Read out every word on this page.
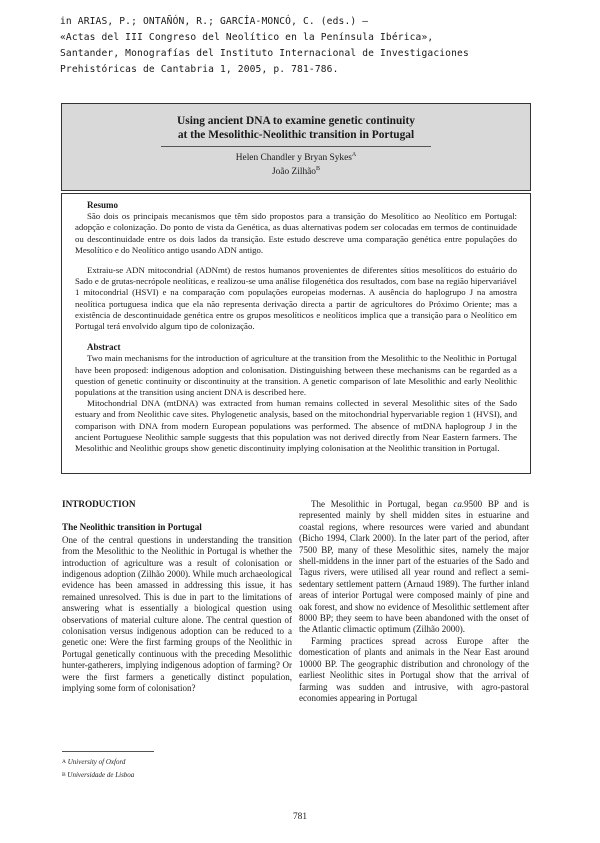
in ARIAS, P.; ONTAÑÓN, R.; GARCÍA-MONCÓ, C. (eds.) —
«Actas del III Congreso del Neolítico en la Península Ibérica»,
Santander, Monografías del Instituto Internacional de Investigaciones
Prehistóricas de Cantabria 1, 2005, p. 781-786.
Using ancient DNA to examine genetic continuity
at the Mesolithic-Neolithic transition in Portugal
Helen Chandler y Bryan Sykes$^A$
João Zilhão$^B$
Resumo

São dois os principais mecanismos que têm sido propostos para a transição do Mesolítico ao Neolítico em Portugal: adopção e colonização. Do ponto de vista da Genética, as duas alternativas podem ser colocadas em termos de continuidade ou descontinuidade entre os dois lados da transição. Este estudo descreve uma comparação genética entre populações do Mesolítico e do Neolítico antigo usando ADN antigo.

Extraiu-se ADN mitocondrial (ADNmt) de restos humanos provenientes de diferentes sítios mesolíticos do estuário do Sado e de grutas-necrópole neolíticas, e realizou-se uma análise filogenética dos resultados, com base na região hipervariável 1 mitocondrial (HSVI) e na comparação com populações europeias modernas. A ausência do haplogrupo J na amostra neolítica portuguesa indica que ela não representa derivação directa a partir de agricultores do Próximo Oriente; mas a existência de descontinuidade genética entre os grupos mesolíticos e neolíticos implica que a transição para o Neolítico em Portugal terá envolvido algum tipo de colonização.

Abstract

Two main mechanisms for the introduction of agriculture at the transition from the Mesolithic to the Neolithic in Portugal have been proposed: indigenous adoption and colonisation. Distinguishing between these mechanisms can be regarded as a question of genetic continuity or discontinuity at the transition. A genetic comparison of late Mesolithic and early Neolithic populations at the transition using ancient DNA is described here.

Mitochondrial DNA (mtDNA) was extracted from human remains collected in several Mesolithic sites of the Sado estuary and from Neolithic cave sites. Phylogenetic analysis, based on the mitochondrial hypervariable region 1 (HVSI), and comparison with DNA from modern European populations was performed. The absence of mtDNA haplogroup J in the ancient Portuguese Neolithic sample suggests that this population was not derived directly from Near Eastern farmers. The Mesolithic and Neolithic groups show genetic discontinuity implying colonisation at the Neolithic transition in Portugal.

INTRODUCTION
The Neolithic transition in Portugal

One of the central questions in understanding the transition from the Mesolithic to the Neolithic in Portugal is whether the introduction of agriculture was a result of colonisation or indigenous adoption (Zilhão 2000). While much archaeological evidence has been amassed in addressing this issue, it has remained unresolved. This is due in part to the limitations of answering what is essentially a biological question using observations of material culture alone. The central question of colonisation versus indigenous adoption can be reduced to a genetic one: Were the first farming groups of the Neolithic in Portugal genetically continuous with the preceding Mesolithic hunter-gatherers, implying indigenous adoption of farming? Or were the first farmers a genetically distinct population, implying some form of colonisation?

The Mesolithic in Portugal, began ca.9500 BP and is represented mainly by shell midden sites in estuarine and coastal regions, where resources were varied and abundant (Bicho 1994, Clark 2000). In the later part of the period, after 7500 BP, many of these Mesolithic sites, namely the major shell-middens in the inner part of the estuaries of the Sado and Tagus rivers, were utilised all year round and reflect a semi-sedentary settlement pattern (Arnaud 1989). The further inland areas of interior Portugal were composed mainly of pine and oak forest, and show no evidence of Mesolithic settlement after 8000 BP; they seem to have been abandoned with the onset of the Atlantic climactic optimum (Zilhão 2000).

Farming practices spread across Europe after the domestication of plants and animals in the Near East around 10000 BP. The geographic distribution and chronology of the earliest Neolithic sites in Portugal show that the arrival of farming was sudden and intrusive, with agro-pastoral economies appearing in Portugal

$^A$ University of Oxford
$^B$ Universidade de Lisboa
781
